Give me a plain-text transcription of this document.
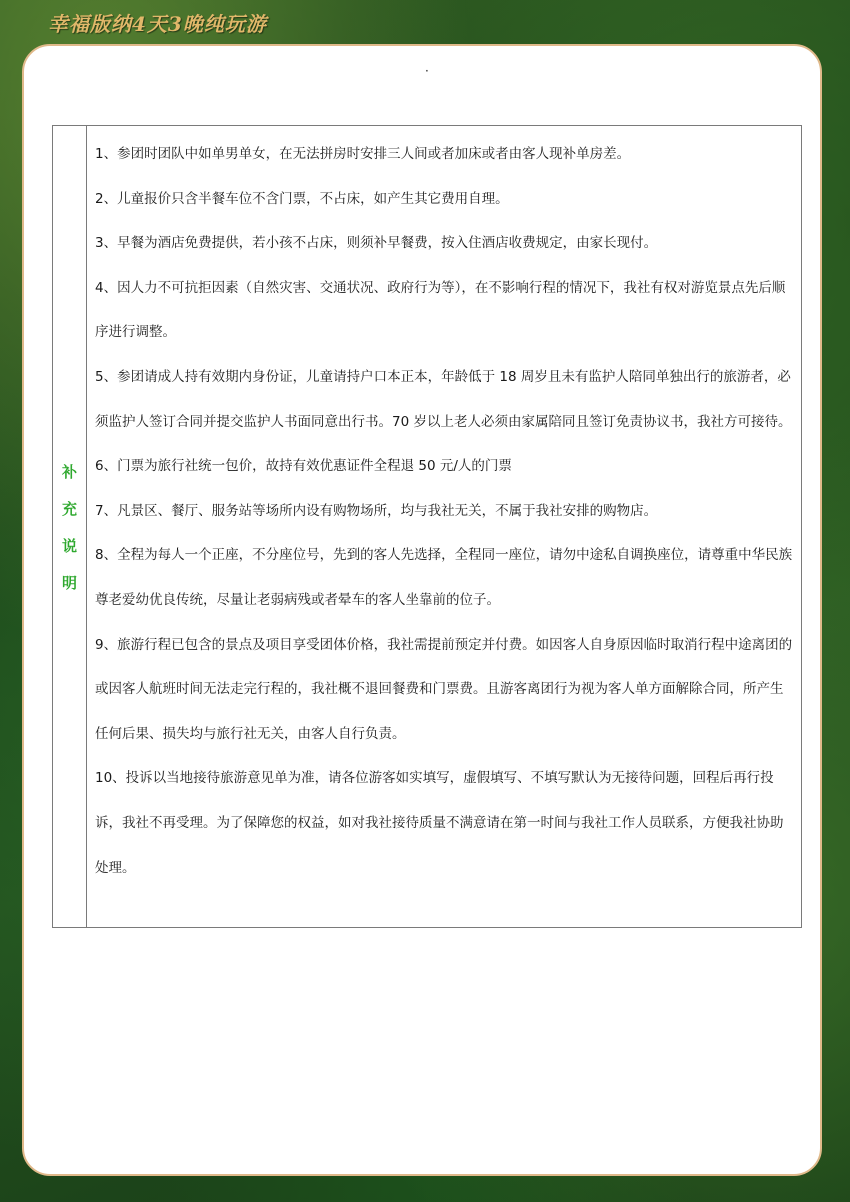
幸福版纳4天3晚纯玩游
·
补
充
说
明

1、参团时团队中如单男单女，在无法拼房时安排三人间或者加床或者由客人现补单房差。

2、儿童报价只含半餐车位不含门票，不占床，如产生其它费用自理。

3、早餐为酒店免费提供，若小孩不占床，则须补早餐费，按入住酒店收费规定，由家长现付。

4、因人力不可抗拒因素（自然灾害、交通状况、政府行为等），在不影响行程的情况下，我社有权对游览景点先后顺序进行调整。

5、参团请成人持有效期内身份证，儿童请持户口本正本，年龄低于 18 周岁且未有监护人陪同单独出行的旅游者，必须监护人签订合同并提交监护人书面同意出行书。70 岁以上老人必须由家属陪同且签订免责协议书，我社方可接待。

6、门票为旅行社统一包价，故持有效优惠证件全程退 50 元/人的门票

7、凡景区、餐厅、服务站等场所内设有购物场所，均与我社无关，不属于我社安排的购物店。

8、全程为每人一个正座，不分座位号，先到的客人先选择，全程同一座位，请勿中途私自调换座位，请尊重中华民族尊老爱幼优良传统，尽量让老弱病残或者晕车的客人坐靠前的位子。

9、旅游行程已包含的景点及项目享受团体价格，我社需提前预定并付费。如因客人自身原因临时取消行程中途离团的或因客人航班时间无法走完行程的，我社概不退回餐费和门票费。且游客离团行为视为客人单方面解除合同，所产生任何后果、损失均与旅行社无关，由客人自行负责。

10、投诉以当地接待旅游意见单为准，请各位游客如实填写，虚假填写、不填写默认为无接待问题，回程后再行投诉，我社不再受理。为了保障您的权益，如对我社接待质量不满意请在第一时间与我社工作人员联系，方便我社协助处理。
